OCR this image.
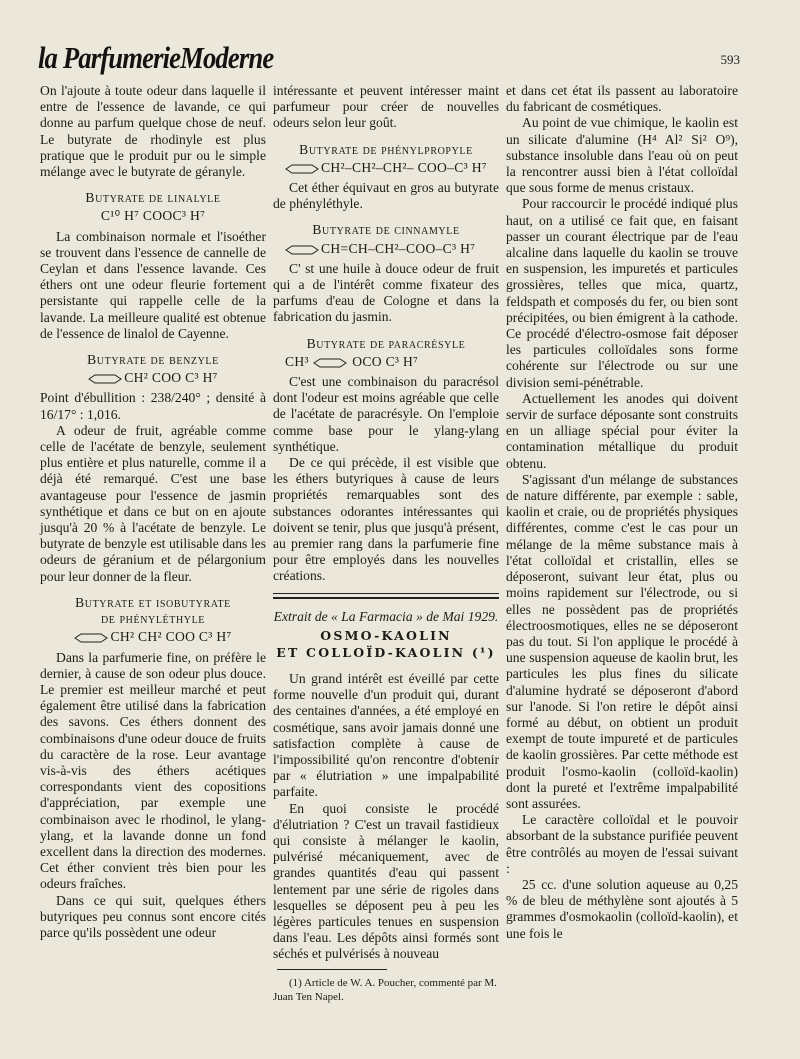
la ParfumerieModerne	593

On l'ajoute à toute odeur dans laquelle il entre de l'essence de lavande, ce qui donne au parfum quelque chose de neuf. Le butyrate de rhodinyle est plus pratique que le produit pur ou le simple mélange avec le butyrate de géranyle.

Butyrate de linalyle
C¹⁰ H⁷ COOC³ H⁷

La combinaison normale et l'isoéther se trouvent dans l'essence de cannelle de Ceylan et dans l'essence lavande. Ces éthers ont une odeur fleurie fortement persistante qui rappelle celle de la lavande. La meilleure qualité est obtenue de l'essence de linalol de Cayenne.

Butyrate de benzyle
CH² COO C³ H⁷

Point d'ébullition : 238/240° ; densité à 16/17° : 1,016.

A odeur de fruit, agréable comme celle de l'acétate de benzyle, seulement plus entière et plus naturelle, comme il a déjà été remarqué. C'est une base avantageuse pour l'essence de jasmin synthétique et dans ce but on en ajoute jusqu'à 20 % à l'acétate de benzyle. Le butyrate de benzyle est utilisable dans les odeurs de géranium et de pélargonium pour leur donner de la fleur.

Butyrate et isobutyrate
de phényléthyle
CH² CH² COO C³ H⁷

Dans la parfumerie fine, on préfère le dernier, à cause de son odeur plus douce. Le premier est meilleur marché et peut également être utilisé dans la fabrication des savons. Ces éthers donnent des combinaisons d'une odeur douce de fruits du caractère de la rose. Leur avantage vis-à-vis des éthers acétiques correspondants vient des copositions d'appréciation, par exemple une combinaison avec le rhodinol, le ylang-ylang, et la lavande donne un fond excellent dans la direction des modernes. Cet éther convient très bien pour les odeurs fraîches.

Dans ce qui suit, quelques éthers butyriques peu connus sont encore cités parce qu'ils possèdent une odeur

intéressante et peuvent intéresser maint parfumeur pour créer de nouvelles odeurs selon leur goût.

Butyrate de phénylpropyle
CH²–CH²–CH²– COO–C³ H⁷

Cet éther équivaut en gros au butyrate de phényléthyle.

Butyrate de cinnamyle
CH=CH–CH²–COO–C³ H⁷

C' st une huile à douce odeur de fruit qui a de l'intérêt comme fixateur des parfums d'eau de Cologne et dans la fabrication du jasmin.

Butyrate de paracrésyle
CH³	OCO C³ H⁷

C'est une combinaison du paracrésol dont l'odeur est moins agréable que celle de l'acétate de paracrésyle. On l'emploie comme base pour le ylang-ylang synthétique.

De ce qui précède, il est visible que les éthers butyriques à cause de leurs propriétés remarquables sont des substances odorantes intéressantes qui doivent se tenir, plus que jusqu'à présent, au premier rang dans la parfumerie fine pour être employés dans les nouvelles créations.

Extrait de « La Farmacia » de Mai 1929.
OSMO-KAOLIN
ET COLLOÏD-KAOLIN (¹)

Un grand intérêt est éveillé par cette forme nouvelle d'un produit qui, durant des centaines d'années, a été employé en cosmétique, sans avoir jamais donné une satisfaction complète à cause de l'impossibilité qu'on rencontre d'obtenir par « élutriation » une impalpabilité parfaite.

En quoi consiste le procédé d'élutriation ? C'est un travail fastidieux qui consiste à mélanger le kaolin, pulvérisé mécaniquement, avec de grandes quantités d'eau qui passent lentement par une série de rigoles dans lesquelles se déposent peu à peu les légères particules tenues en suspension dans l'eau. Les dépôts ainsi formés sont séchés et pulvérisés à nouveau

(1) Article de W. A. Poucher, commenté par M. Juan Ten Napel.

et dans cet état ils passent au laboratoire du fabricant de cosmétiques.

Au point de vue chimique, le kaolin est un silicate d'alumine (H⁴ Al² Si² O⁹), substance insoluble dans l'eau où on peut la rencontrer aussi bien à l'état colloïdal que sous forme de menus cristaux.

Pour raccourcir le procédé indiqué plus haut, on a utilisé ce fait que, en faisant passer un courant électrique par de l'eau alcaline dans laquelle du kaolin se trouve en suspension, les impuretés et particules grossières, telles que mica, quartz, feldspath et composés du fer, ou bien sont précipitées, ou bien émigrent à la cathode. Ce procédé d'électro-osmose fait déposer les particules colloïdales sons forme cohérente sur l'électrode ou sur une division semi-pénétrable.

Actuellement les anodes qui doivent servir de surface déposante sont construits en un alliage spécial pour éviter la contamination métallique du produit obtenu.

S'agissant d'un mélange de substances de nature différente, par exemple : sable, kaolin et craie, ou de propriétés physiques différentes, comme c'est le cas pour un mélange de la même substance mais à l'état colloïdal et cristallin, elles se déposeront, suivant leur état, plus ou moins rapidement sur l'électrode, ou si elles ne possèdent pas de propriétés électroosmotiques, elles ne se déposeront pas du tout. Si l'on applique le procédé à une suspension aqueuse de kaolin brut, les particules les plus fines du silicate d'alumine hydraté se déposeront d'abord sur l'anode. Si l'on retire le dépôt ainsi formé au début, on obtient un produit exempt de toute impureté et de particules de kaolin grossières. Par cette méthode est produit l'osmo-kaolin (colloïd-kaolin) dont la pureté et l'extrême impalpabilité sont assurées.

Le caractère colloïdal et le pouvoir absorbant de la substance purifiée peuvent être contrôlés au moyen de l'essai suivant :

25 cc. d'une solution aqueuse au 0,25 % de bleu de méthylène sont ajoutés à 5 grammes d'osmokaolin (colloïd-kaolin), et une fois le
